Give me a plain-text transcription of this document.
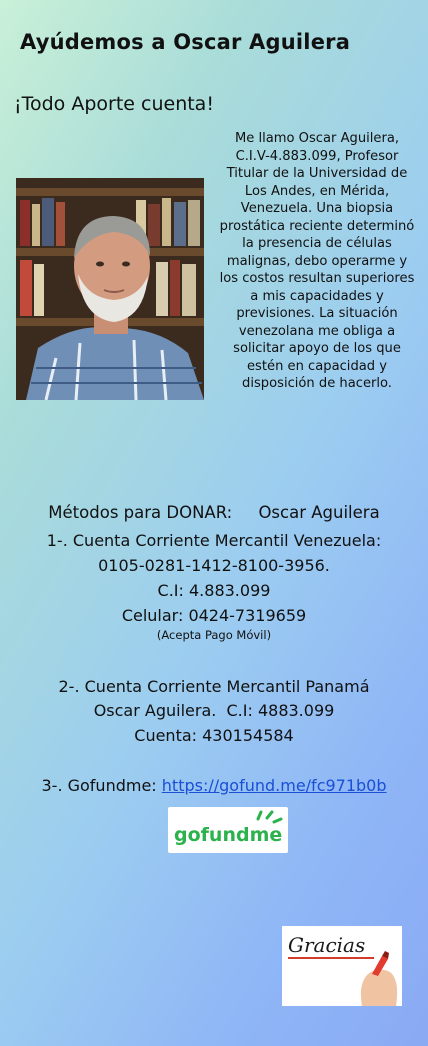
Ayúdemos a Oscar Aguilera
¡Todo Aporte cuenta!
Me llamo Oscar Aguilera,
C.I.V-4.883.099, Profesor
Titular de la Universidad de
Los Andes, en Mérida,
Venezuela. Una biopsia
prostática reciente determinó
la presencia de células
malignas, debo operarme y
los costos resultan superiores
a mis capacidades y
previsiones. La situación
venezolana me obliga a
solicitar apoyo de los que
estén en capacidad y
disposición de hacerlo.
Métodos para DONAR:     Oscar Aguilera
1-. Cuenta Corriente Mercantil Venezuela:
0105-0281-1412-8100-3956.
C.I: 4.883.099
Celular: 0424-7319659
(Acepta Pago Móvil)
2-. Cuenta Corriente Mercantil Panamá
Oscar Aguilera.  C.I: 4883.099
Cuenta: 430154584
3-. Gofundme: https://gofund.me/fc971b0b
gofundme
Gracias
